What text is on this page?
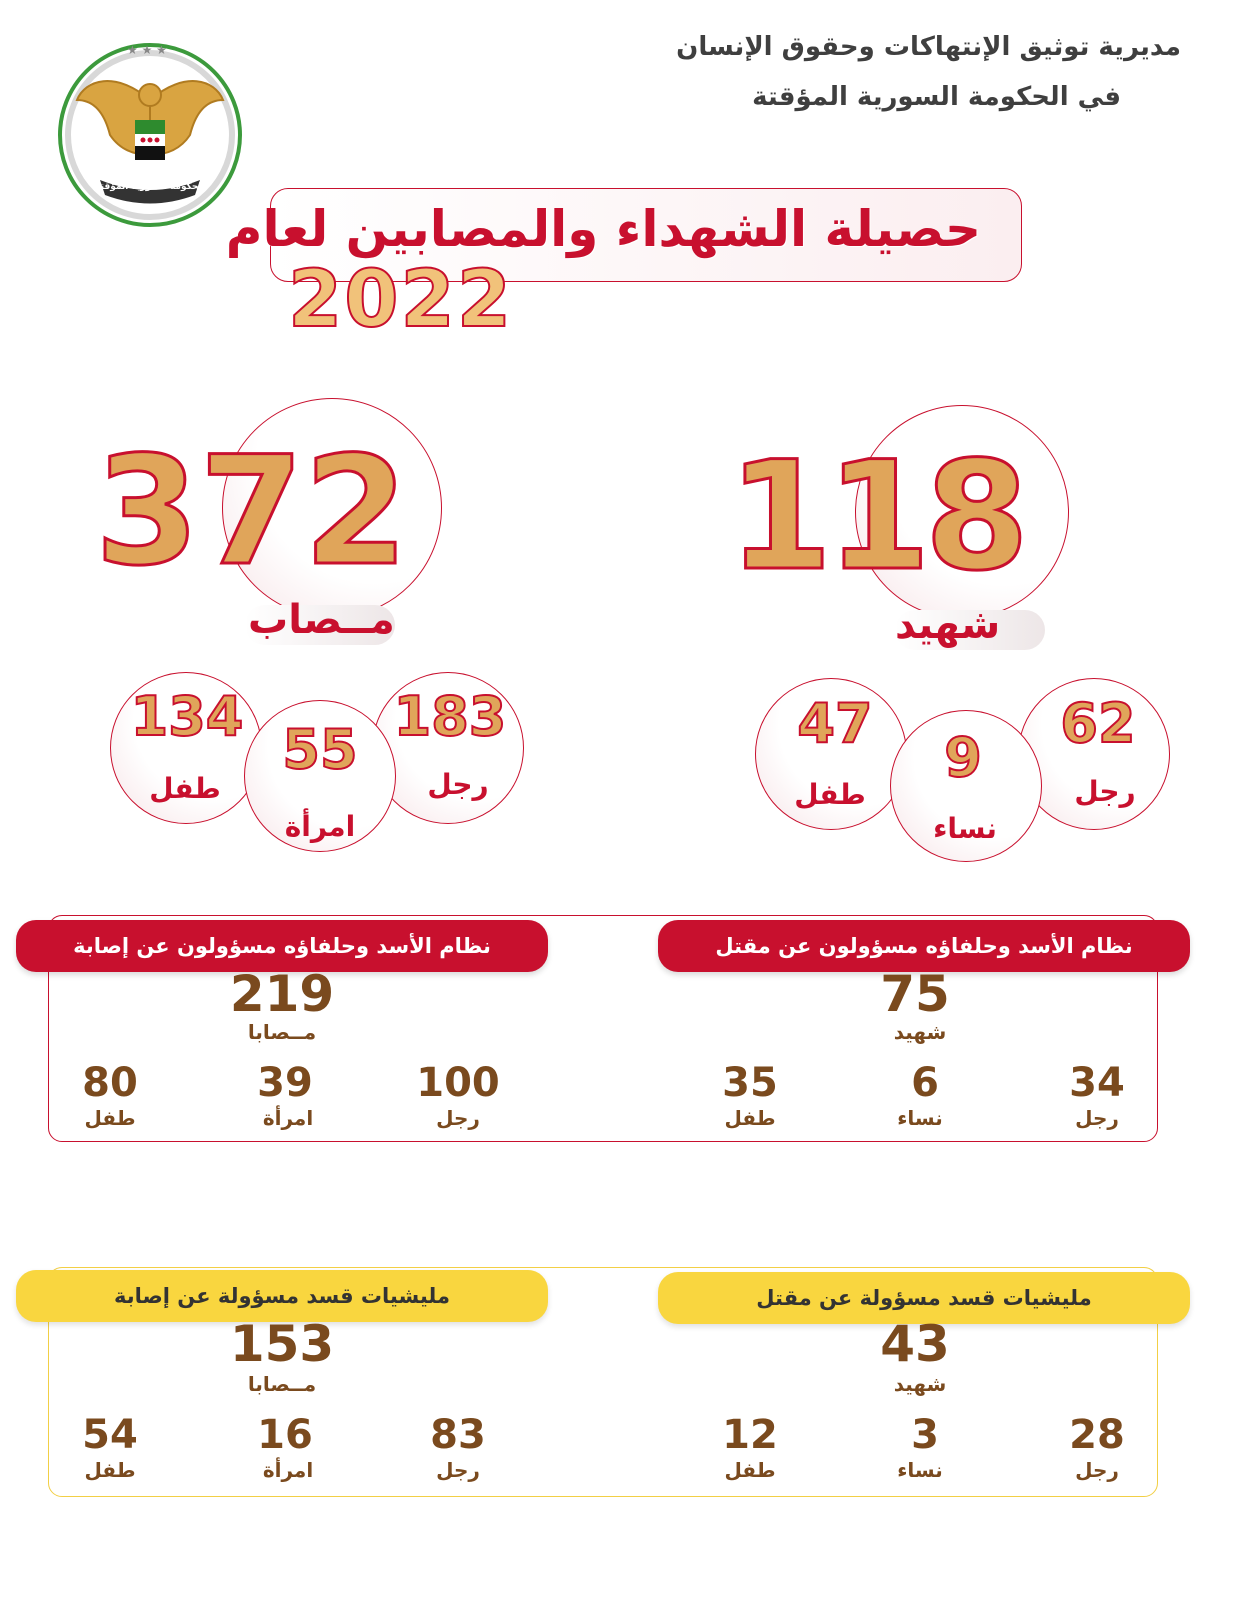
مديرية توثيق الإنتهاكات وحقوق الإنسان
في الحكومة السورية المؤقتة
★ ★ ★
الحكومة السورية المؤقتة
حصيلة الشهداء والمصابين لعام
2022
372
مــصاب
134
طفل
55
امرأة
183
رجل
118
شهيد
47
طفل
9
نساء
62
رجل
نظام الأسد وحلفاؤه مسؤولون عن إصابة	نظام الأسد وحلفاؤه مسؤولون عن مقتل
219
مــصابا
80
طفل
39
امرأة
100
رجل
75
شهيد
35
طفل
6
نساء
34
رجل
مليشيات قسد مسؤولة عن إصابة	مليشيات قسد مسؤولة عن مقتل
153
مــصابا
54
طفل
16
امرأة
83
رجل
43
شهيد
12
طفل
3
نساء
28
رجل
